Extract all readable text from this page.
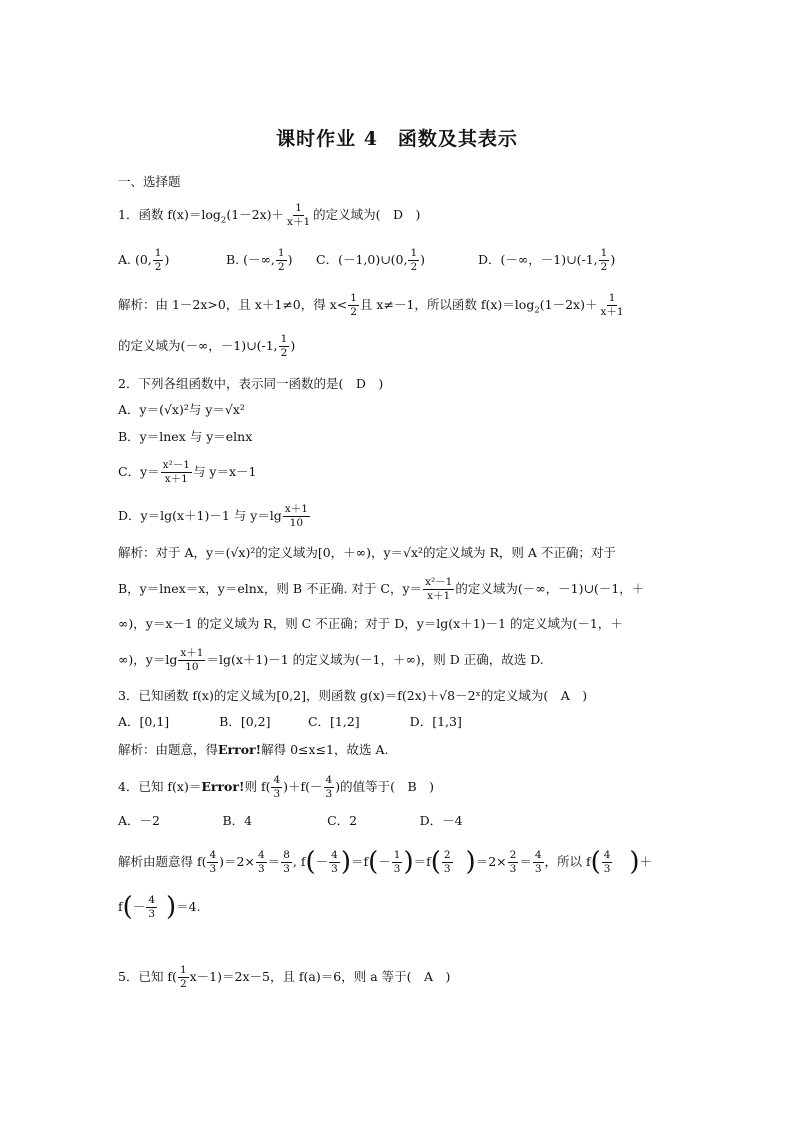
课时作业 4　函数及其表示
一、选择题
1．函数 $f(x)=\log_2(1-2x)+ \frac{1}{x+1}$ 的定义域为(　D　)
A. (0, $\frac{1}{2}$ )	B. (－∞, $\frac{1}{2}$ ) C．(－1,0)∪(0, $\frac{1}{2}$ )	D．(－∞，－1)∪(-1, $\frac{1}{2}$ )
解析：由 1－2x>0，且 x＋1≠0，得 $x< \frac{1}{2}$ 且 x≠－1，所以函数 $f(x)=\log_2(1-2x)+ \frac{1}{x+1}$
的定义域为(－∞，－1)∪(-1, $\frac{1}{2}$ )
2．下列各组函数中，表示同一函数的是(　D　)
A．y＝(√x)²与 y＝√x²
B．y＝lnex 与 y＝elnx
C．$y= \frac{\text{x²－1}}{x+1}$ 与 y＝x－1
D．y＝lg(x＋1)－1 与 $y=\lg \frac{x+1}{10}$
解析：对于 A，y＝(√x)²的定义域为[0，＋∞)，y＝√x²的定义域为 R，则 A 不正确；对于
B，y＝lnex＝x，y＝elnx，则 B 不正确. 对于 C，$y= \frac{\text{x²－1}}{x+1}$ 的定义域为(－∞，－1)∪(－1，＋
∞)，y＝x－1 的定义域为 R，则 C 不正确；对于 D，y＝lg(x＋1)－1 的定义域为(－1，＋
∞)，$y=\lg \frac{x+1}{10} =\lg(x+1)-1$ 的定义域为(－1，＋∞)，则 D 正确，故选 D.
3．已知函数 f(x)的定义域为[0,2]，则函数 g(x)＝f(2x)＋√8－2ˣ的定义域为(　A　)
A．[0,1]　　　　B．[0,2]　　　C．[1,2]　　　　D．[1,3]
解析：由题意，得Error!解得 0≤x≤1，故选 A.
4．已知 f(x)＝Error!则 $f( \frac{4}{3} )+f(- \frac{4}{3}$ )的值等于(　B　)
A．－2　　　　　B．4　　　　　　C．2　　　　　D．－4
解析由题意得 $f( \frac{4}{3} )=2\times \frac{4}{3} = \frac{8}{3}$ , $f(- \frac{4}{3} )=f(- \frac{1}{3} )=f( \frac{2}{3} )=2\times \frac{2}{3} = \frac{4}{3}$ ，所以 $f( \frac{4}{3}$ )＋
$f(- \frac{4}{3} )=4$.
5．已知 $f( \frac{1}{2} x-1)=2x-5$，且 f(a)＝6，则 a 等于(　A　)
